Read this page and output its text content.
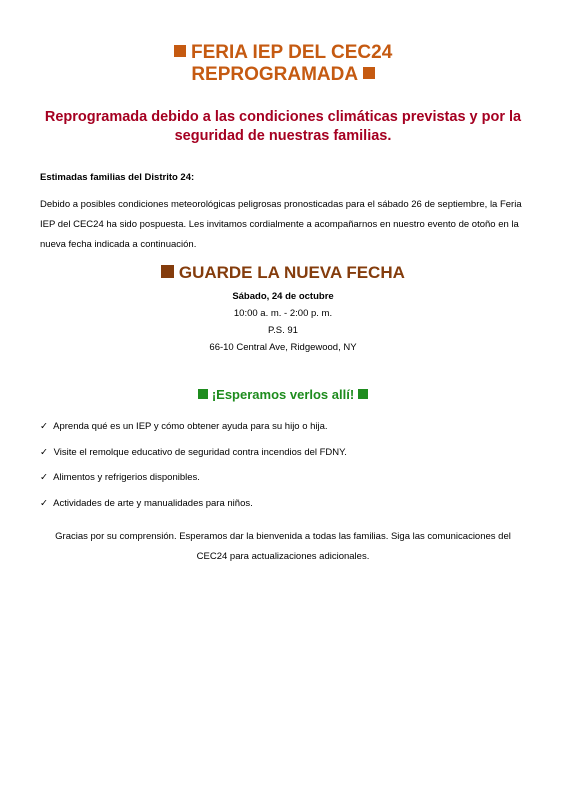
FERIA IEP DEL CEC24
REPROGRAMADA
Reprogramada debido a las condiciones climáticas previstas y por la seguridad de nuestras familias.
Estimadas familias del Distrito 24:
Debido a posibles condiciones meteorológicas peligrosas pronosticadas para el sábado 26 de septiembre, la Feria IEP del CEC24 ha sido pospuesta. Les invitamos cordialmente a acompañarnos en nuestro evento de otoño en la nueva fecha indicada a continuación.
GUARDE LA NUEVA FECHA
Sábado, 24 de octubre
10:00 a. m. - 2:00 p. m.
P.S. 91
66-10 Central Ave, Ridgewood, NY
¡Esperamos verlos allí!
✓ Aprenda qué es un IEP y cómo obtener ayuda para su hijo o hija.
✓ Visite el remolque educativo de seguridad contra incendios del FDNY.
✓ Alimentos y refrigerios disponibles.
✓ Actividades de arte y manualidades para niños.
Gracias por su comprensión. Esperamos dar la bienvenida a todas las familias. Siga las comunicaciones del CEC24 para actualizaciones adicionales.
